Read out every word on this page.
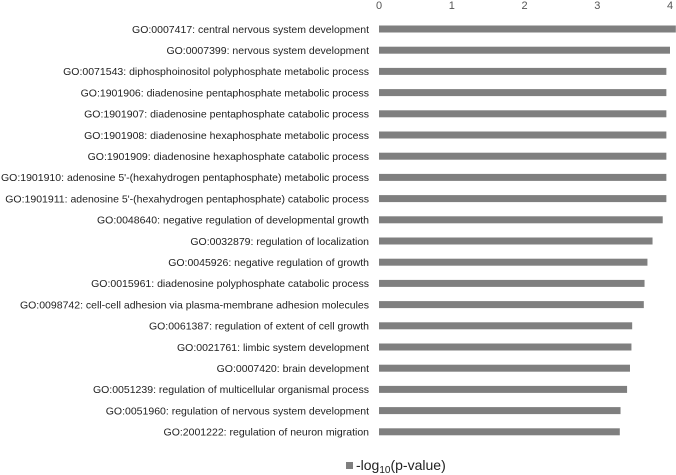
0	1	2	3	4
GO:0007417: central nervous system development
GO:0007399: nervous system development
GO:0071543: diphosphoinositol polyphosphate metabolic process
GO:1901906: diadenosine pentaphosphate metabolic process
GO:1901907: diadenosine pentaphosphate catabolic process
GO:1901908: diadenosine hexaphosphate metabolic process
GO:1901909: diadenosine hexaphosphate catabolic process
GO:1901910: adenosine 5'-(hexahydrogen pentaphosphate) metabolic process
GO:1901911: adenosine 5'-(hexahydrogen pentaphosphate) catabolic process
GO:0048640: negative regulation of developmental growth
GO:0032879: regulation of localization
GO:0045926: negative regulation of growth
GO:0015961: diadenosine polyphosphate catabolic process
GO:0098742: cell-cell adhesion via plasma-membrane adhesion molecules
GO:0061387: regulation of extent of cell growth
GO:0021761: limbic system development
GO:0007420: brain development
GO:0051239: regulation of multicellular organismal process
GO:0051960: regulation of nervous system development
GO:2001222: regulation of neuron migration
$-\log_{10}(p-value)$
